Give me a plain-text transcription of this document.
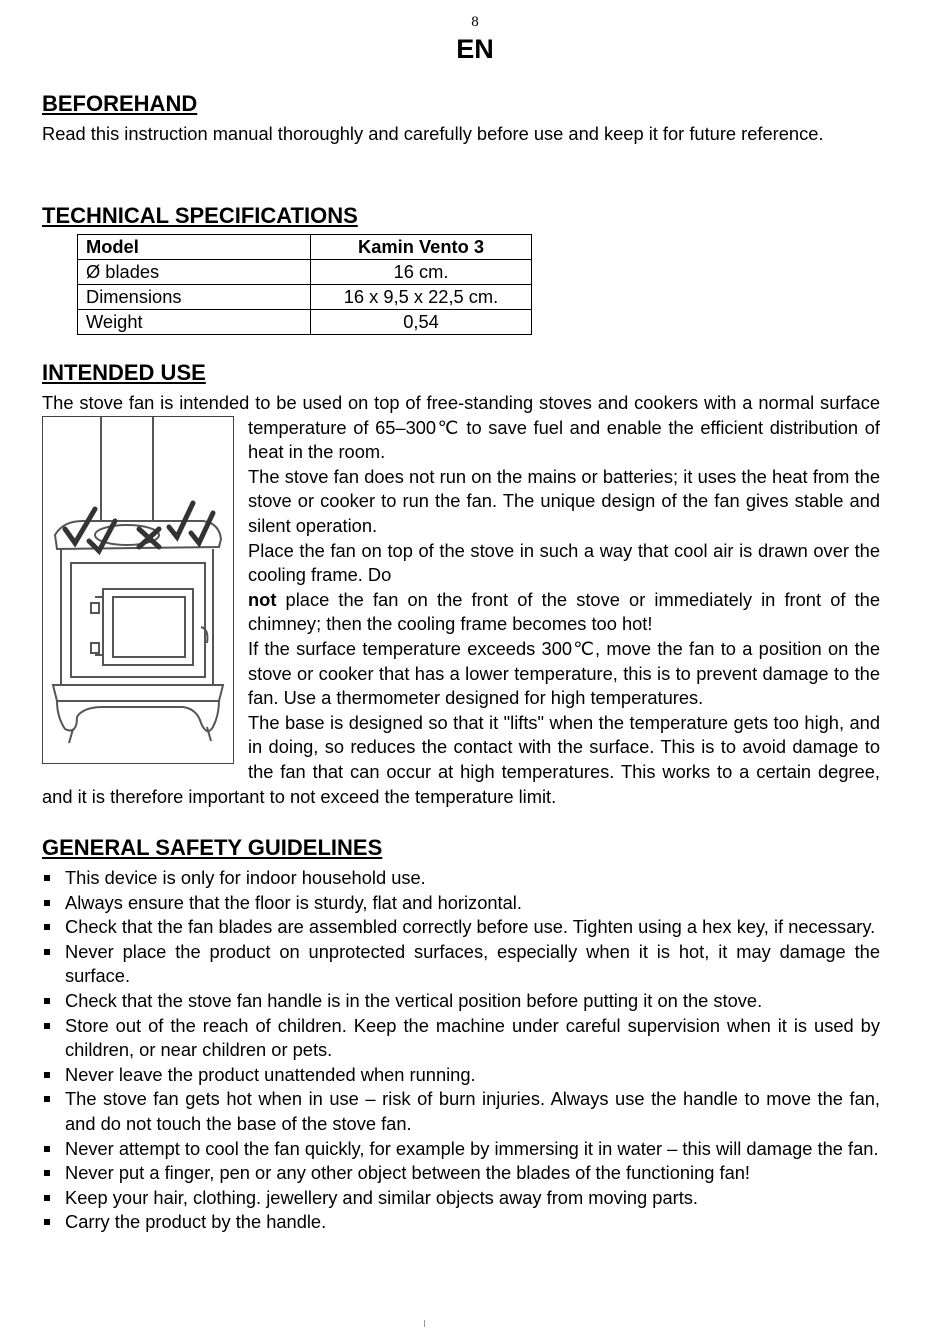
8
EN
BEFOREHAND

Read this instruction manual thoroughly and carefully before use and keep it for future reference.

TECHNICAL SPECIFICATIONS
Model	Kamin Vento 3
Ø blades	16 cm.
Dimensions	16 x 9,5 x 22,5 cm.
Weight	0,54
INTENDED USE

The stove fan is intended to be used on top of free-standing stoves and cookers with a normal surface temperature of 65–300℃ to save fuel and enable the efficient distribution of heat in the room.

The stove fan does not run on the mains or batteries; it uses the heat from the stove or cooker to run the fan. The unique design of the fan gives stable and silent operation.

Place the fan on top of the stove in such a way that cool air is drawn over the cooling frame. Do

not place the fan on the front of the stove or immediately in front of the chimney; then the cooling frame becomes too hot!

If the surface temperature exceeds 300℃, move the fan to a position on the stove or cooker that has a lower temperature, this is to prevent damage to the fan. Use a thermometer designed for high temperatures.

The base is designed so that it "lifts" when the temperature gets too high, and in doing, so reduces the contact with the surface. This is to avoid damage to the fan that can occur at high temperatures. This works to a certain degree, and it is therefore important to not exceed the temperature limit.

GENERAL SAFETY GUIDELINES
This device is only for indoor household use.
Always ensure that the floor is sturdy, flat and horizontal.
Check that the fan blades are assembled correctly before use. Tighten using a hex key, if necessary.
Never place the product on unprotected surfaces, especially when it is hot, it may damage the surface.
Check that the stove fan handle is in the vertical position before putting it on the stove.
Store out of the reach of children. Keep the machine under careful supervision when it is used by children, or near children or pets.
Never leave the product unattended when running.
The stove fan gets hot when in use – risk of burn injuries. Always use the handle to move the fan, and do not touch the base of the stove fan.
Never attempt to cool the fan quickly, for example by immersing it in water – this will damage the fan.
Never put a finger, pen or any other object between the blades of the functioning fan!
Keep your hair, clothing. jewellery and similar objects away from moving parts.
Carry the product by the handle.
